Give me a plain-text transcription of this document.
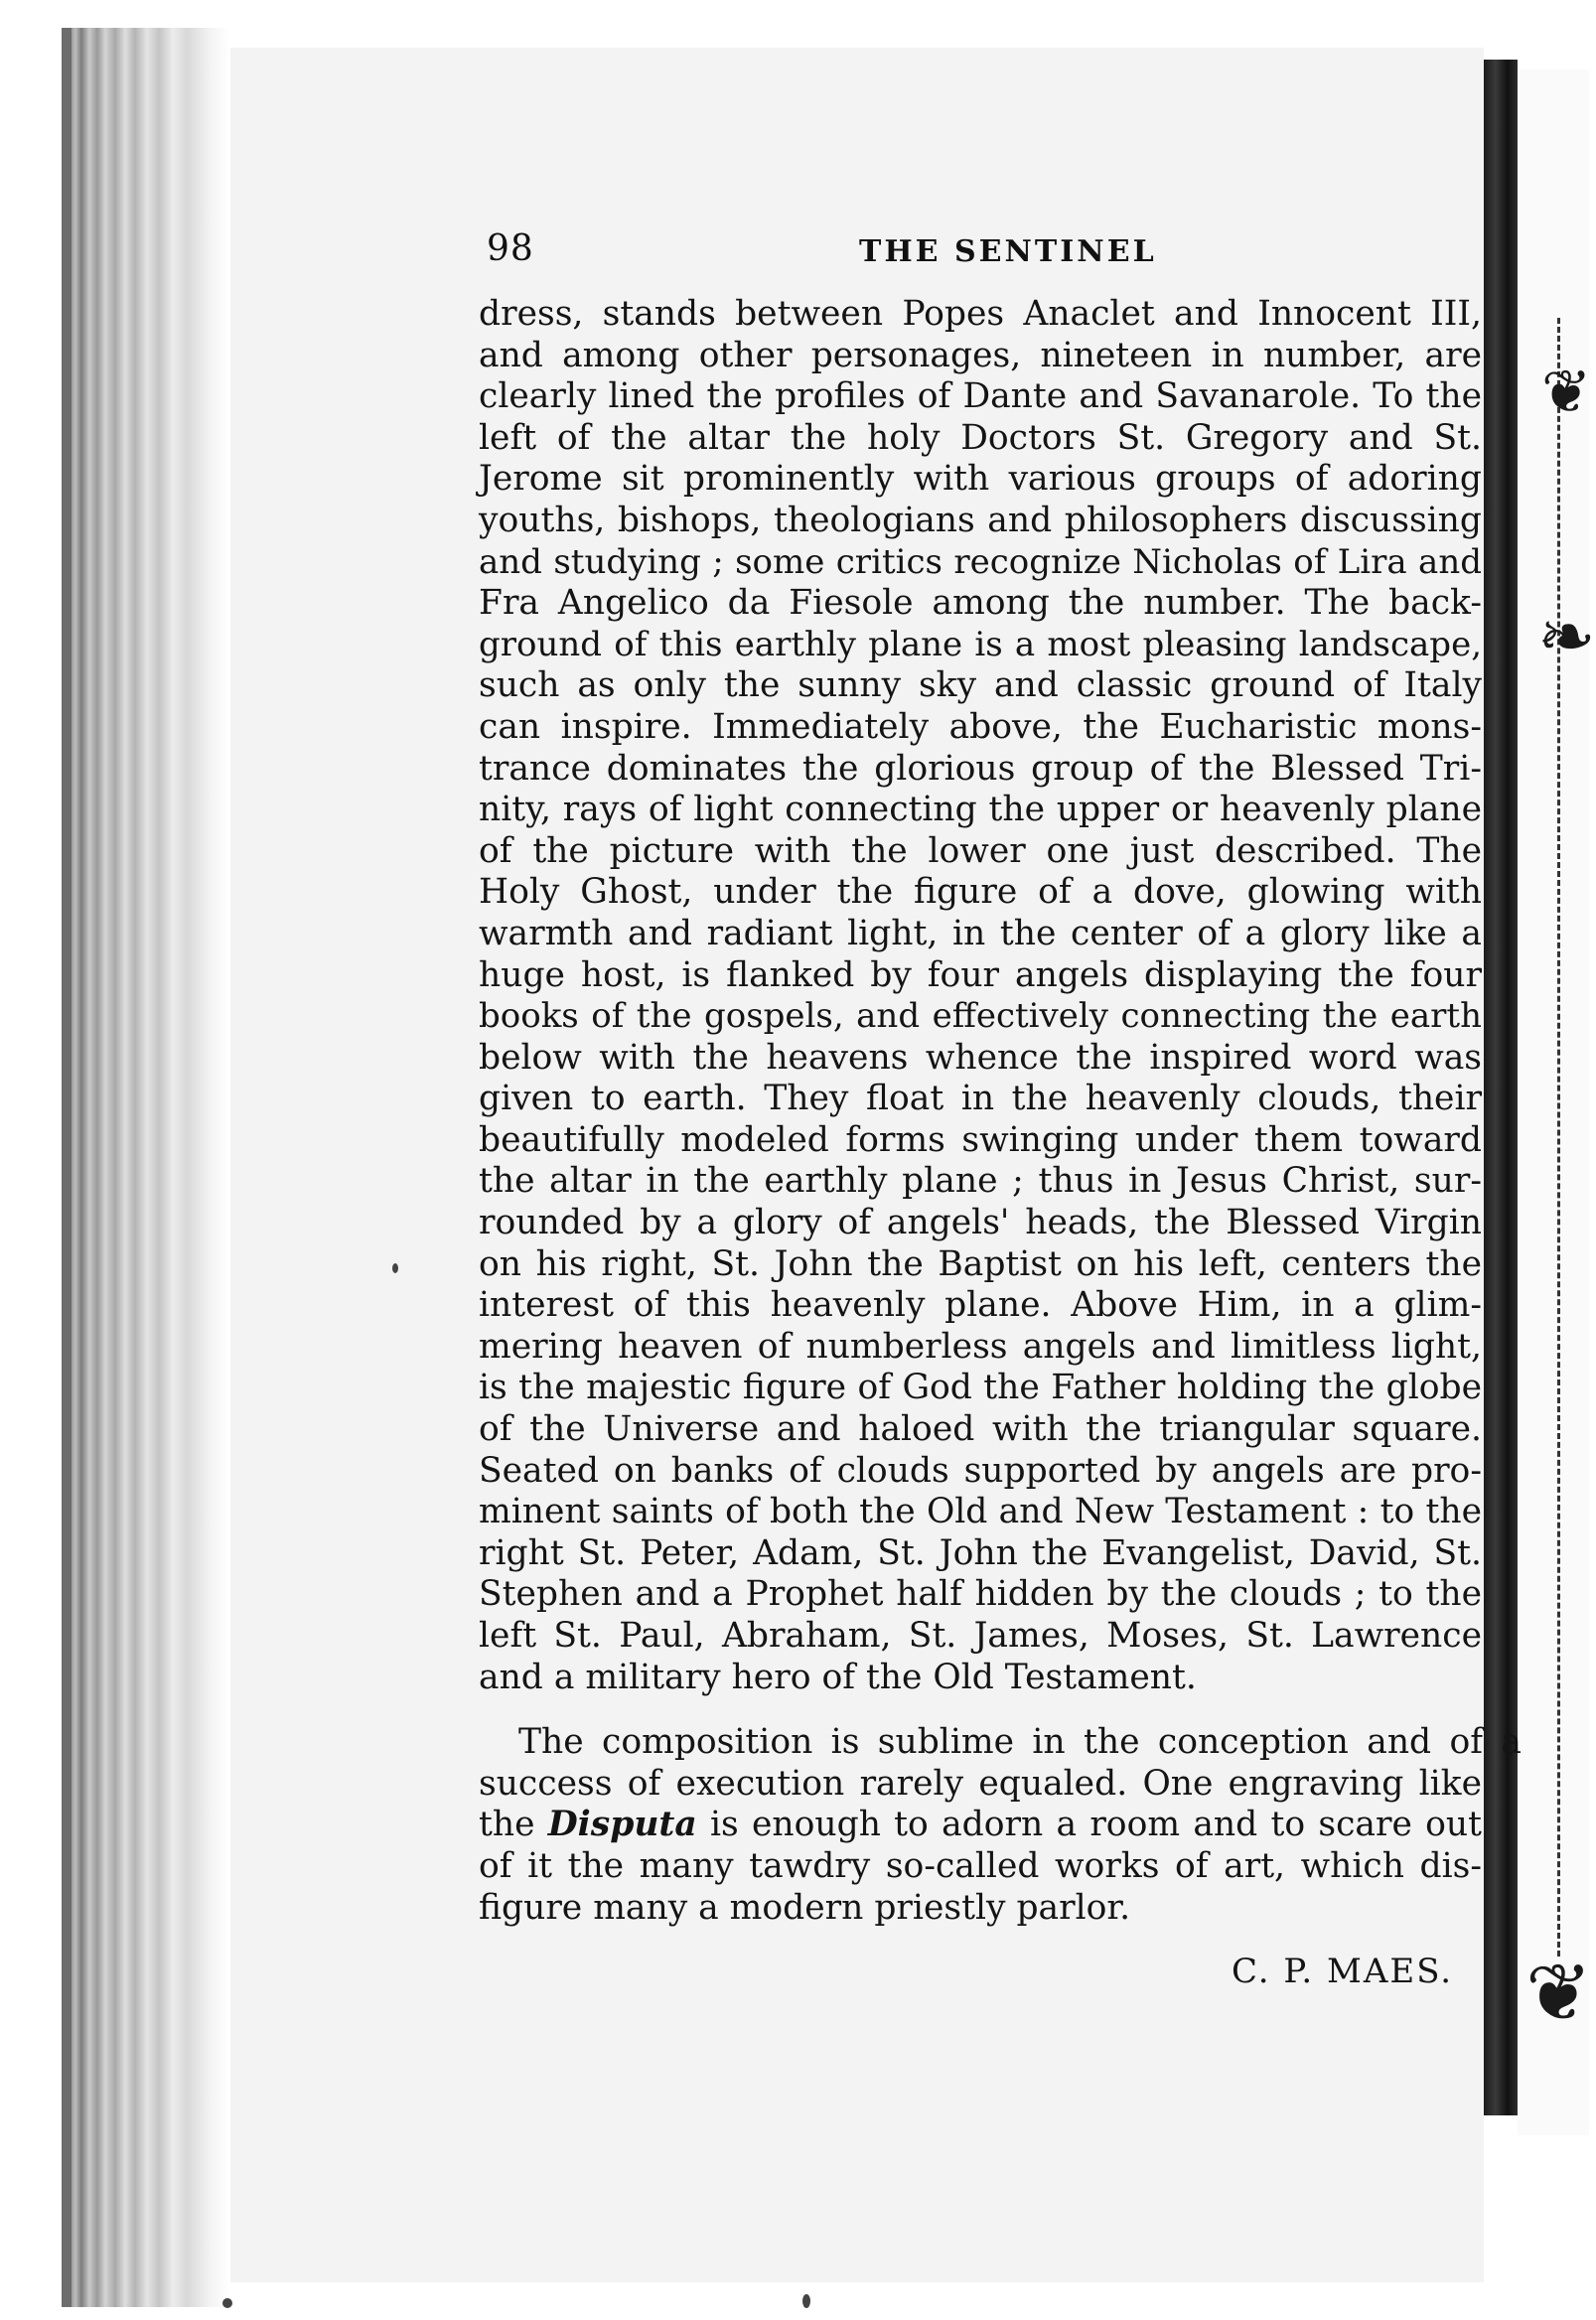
❦
❧
❦
98	THE SENTINEL
dress, stands between Popes Anaclet and Innocent III,
and among other personages, nineteen in number, are
clearly lined the profiles of Dante and Savanarole. To the
left of the altar the holy Doctors St. Gregory and St.
Jerome sit prominently with various groups of adoring
youths, bishops, theologians and philosophers discussing
and studying ; some critics recognize Nicholas of Lira and
Fra Angelico da Fiesole among the number. The back-
ground of this earthly plane is a most pleasing landscape,
such as only the sunny sky and classic ground of Italy
can inspire. Immediately above, the Eucharistic mons-
trance dominates the glorious group of the Blessed Tri-
nity, rays of light connecting the upper or heavenly plane
of the picture with the lower one just described. The
Holy Ghost, under the figure of a dove, glowing with
warmth and radiant light, in the center of a glory like a
huge host, is flanked by four angels displaying the four
books of the gospels, and effectively connecting the earth
below with the heavens whence the inspired word was
given to earth. They float in the heavenly clouds, their
beautifully modeled forms swinging under them toward
the altar in the earthly plane ; thus in Jesus Christ, sur-
rounded by a glory of angels' heads, the Blessed Virgin
on his right, St. John the Baptist on his left, centers the
interest of this heavenly plane. Above Him, in a glim-
mering heaven of numberless angels and limitless light,
is the majestic figure of God the Father holding the globe
of the Universe and haloed with the triangular square.
Seated on banks of clouds supported by angels are pro-
minent saints of both the Old and New Testament : to the
right St. Peter, Adam, St. John the Evangelist, David, St.
Stephen and a Prophet half hidden by the clouds ; to the
left St. Paul, Abraham, St. James, Moses, St. Lawrence
and a military hero of the Old Testament.
The composition is sublime in the conception and of a
success of execution rarely equaled. One engraving like
the Disputa is enough to adorn a room and to scare out
of it the many tawdry so-called works of art, which dis-
figure many a modern priestly parlor.
C. P. MAES.
